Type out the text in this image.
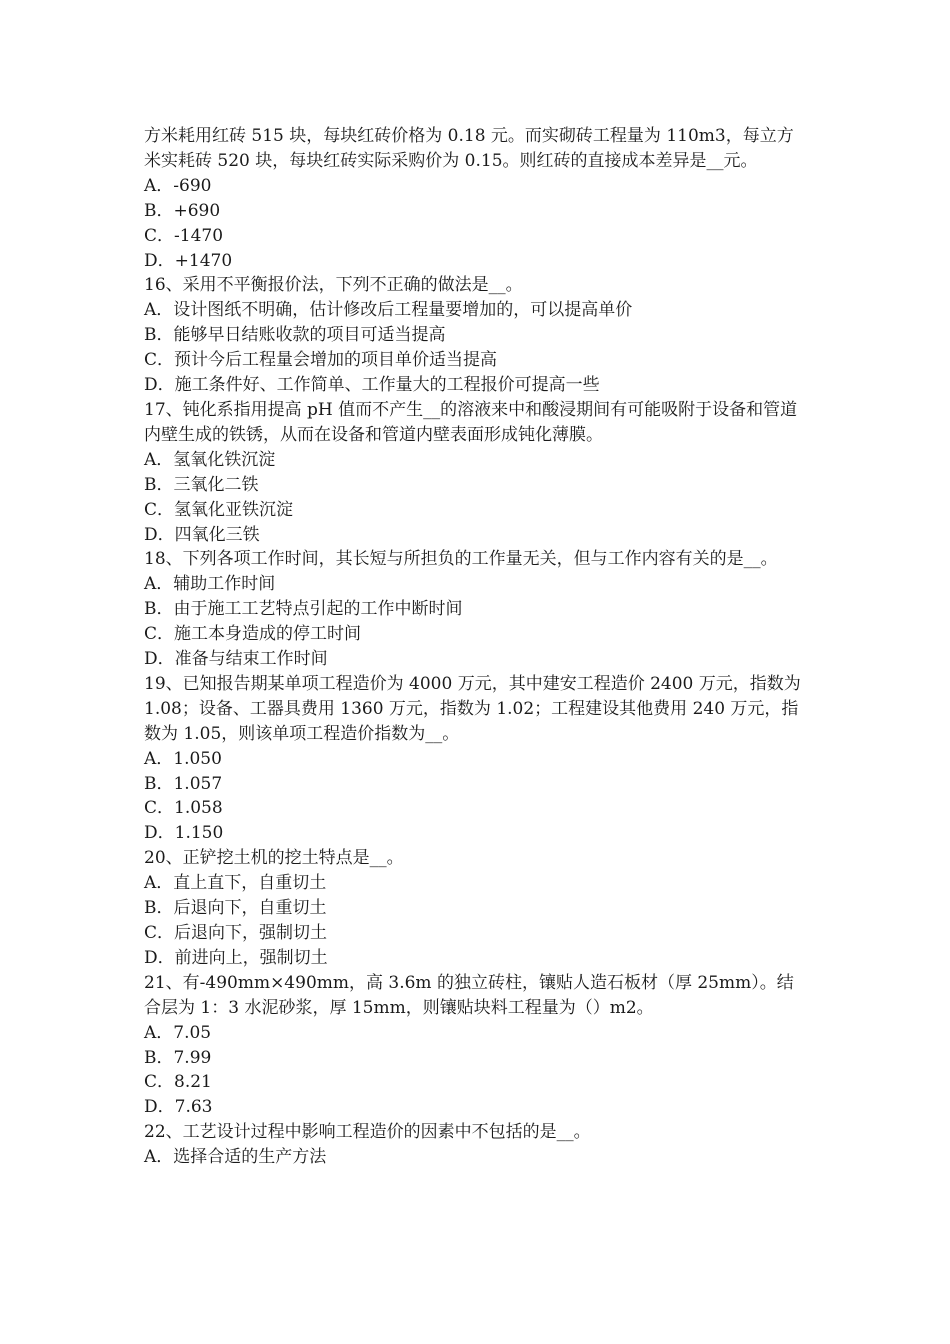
方米耗用红砖 515 块，每块红砖价格为 0.18 元。而实砌砖工程量为 110m3，每立方米实耗砖 520 块，每块红砖实际采购价为 0.15。则红砖的直接成本差异是__元。

A．-690

B．+690

C．-1470

D．+1470

16、采用不平衡报价法，下列不正确的做法是__。

A．设计图纸不明确，估计修改后工程量要增加的，可以提高单价

B．能够早日结账收款的项目可适当提高

C．预计今后工程量会增加的项目单价适当提高

D．施工条件好、工作简单、工作量大的工程报价可提高一些

17、钝化系指用提高 pH 值而不产生__的溶液来中和酸浸期间有可能吸附于设备和管道内壁生成的铁锈，从而在设备和管道内壁表面形成钝化薄膜。

A．氢氧化铁沉淀

B．三氧化二铁

C．氢氧化亚铁沉淀

D．四氧化三铁

18、下列各项工作时间，其长短与所担负的工作量无关，但与工作内容有关的是__。

A．辅助工作时间

B．由于施工工艺特点引起的工作中断时间

C．施工本身造成的停工时间

D．准备与结束工作时间

19、已知报告期某单项工程造价为 4000 万元，其中建安工程造价 2400 万元，指数为 1.08；设备、工器具费用 1360 万元，指数为 1.02；工程建设其他费用 240 万元，指数为 1.05，则该单项工程造价指数为__。

A．1.050

B．1.057

C．1.058

D．1.150

20、正铲挖土机的挖土特点是__。

A．直上直下，自重切土

B．后退向下，自重切土

C．后退向下，强制切土

D．前进向上，强制切土

21、有-490mm×490mm，高 3.6m 的独立砖柱，镶贴人造石板材（厚 25mm）。结合层为 1：3 水泥砂浆，厚 15mm，则镶贴块料工程量为（）m2。

A．7.05

B．7.99

C．8.21

D．7.63

22、工艺设计过程中影响工程造价的因素中不包括的是__。

A．选择合适的生产方法
